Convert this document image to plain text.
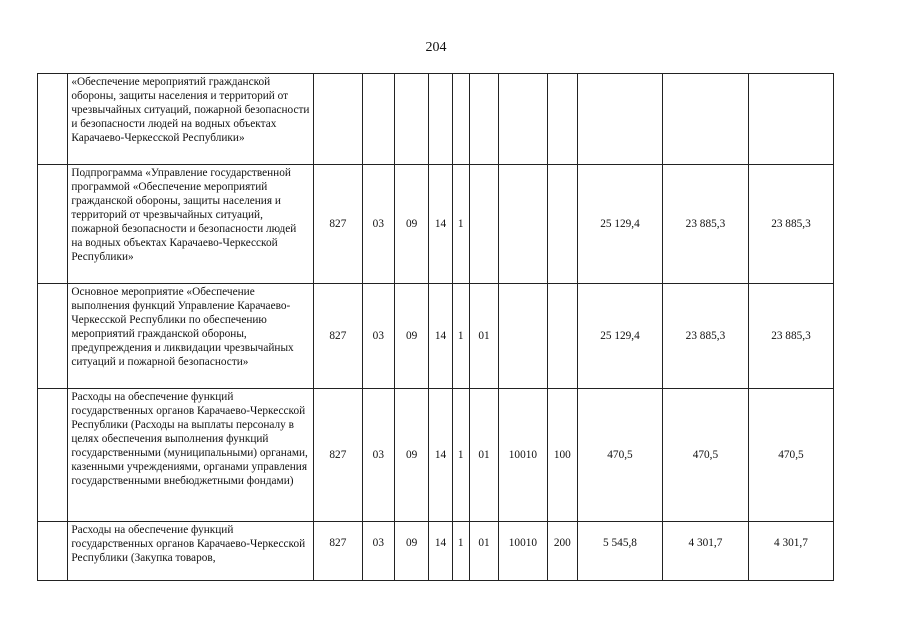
204
	«Обеспечение мероприятий гражданской обороны, защиты населения и территорий от чрезвычайных ситуаций, пожарной безопасности и безопасности людей на водных объектах Карачаево-Черкесской Республики»											
	Подпрограмма «Управление государственной программой «Обеспечение мероприятий гражданской обороны, защиты населения и территорий от чрезвычайных ситуаций, пожарной безопасности и безопасности людей на водных объектах Карачаево-Черкесской Республики»	827	03	09	14	1				25 129,4	23 885,3	23 885,3
	Основное мероприятие «Обеспечение выполнения функций Управление Карачаево-Черкесской Республики по обеспечению мероприятий гражданской обороны, предупреждения и ликвидации чрезвычайных ситуаций и пожарной безопасности»	827	03	09	14	1	01			25 129,4	23 885,3	23 885,3
	Расходы на обеспечение функций государственных органов Карачаево-Черкесской Республики (Расходы на выплаты персоналу в целях обеспечения выполнения функций государственными (муниципальными) органами, казенными учреждениями, органами управления государственными внебюджетными фондами)	827	03	09	14	1	01	10010	100	470,5	470,5	470,5
	Расходы на обеспечение функций государственных органов Карачаево-Черкесской Республики (Закупка товаров,	827	03	09	14	1	01	10010	200	5 545,8	4 301,7	4 301,7
